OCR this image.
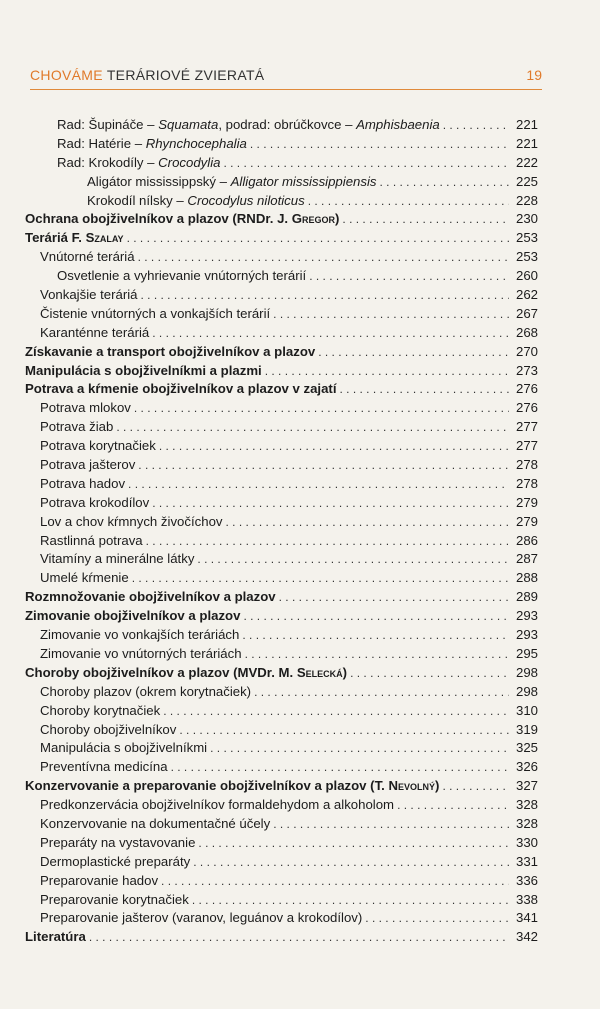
CHOVÁME TERÁRIOVÉ ZVIERATÁ	19
Rad: Šupináče – Squamata, podrad: obrúčkovce – Amphisbaenia . . .	221
Rad: Hatérie – Rhynchocephalia . . .	221
Rad: Krokodíly – Crocodylia . . .	222
Aligátor mississippský – Alligator mississippiensis . . .	225
Krokodíl nílsky – Crocodylus niloticus . . .	228
Ochrana obojživelníkov a plazov (RNDr. J. Gregor) . . .	230
Teráriá F. Szalay . . .	253
Vnútorné teráriá . . .	253
Osvetlenie a vyhrievanie vnútorných terárií . . .	260
Vonkajšie teráriá . . .	262
Čistenie vnútorných a vonkajších terárií . . .	267
Karanténne teráriá . . .	268
Získavanie a transport obojživelníkov a plazov . . .	270
Manipulácia s obojživelníkmi a plazmi . . .	273
Potrava a kŕmenie obojživelníkov a plazov v zajatí . . .	276
Potrava mlokov . . .	276
Potrava žiab . . .	277
Potrava korytnačiek . . .	277
Potrava jašterov . . .	278
Potrava hadov . . .	278
Potrava krokodílov . . .	279
Lov a chov kŕmnych živočíchov . . .	279
Rastlinná potrava . . .	286
Vitamíny a minerálne látky . . .	287
Umelé kŕmenie . . .	288
Rozmnožovanie obojživelníkov a plazov . . .	289
Zimovanie obojživelníkov a plazov . . .	293
Zimovanie vo vonkajších teráriách . . .	293
Zimovanie vo vnútorných teráriách . . .	295
Choroby obojživelníkov a plazov (MVDr. M. Selecká) . . .	298
Choroby plazov (okrem korytnačiek) . . .	298
Choroby korytnačiek . . .	310
Choroby obojživelníkov . . .	319
Manipulácia s obojživelníkmi . . .	325
Preventívna medicína . . .	326
Konzervovanie a preparovanie obojživelníkov a plazov (T. Nevolný) . . .	327
Predkonzervácia obojživelníkov formaldehydom a alkoholom . . .	328
Konzervovanie na dokumentačné účely . . .	328
Preparáty na vystavovanie . . .	330
Dermoplastické preparáty . . .	331
Preparovanie hadov . . .	336
Preparovanie korytnačiek . . .	338
Preparovanie jašterov (varanov, leguánov a krokodílov) . . .	341
Literatúra . . .	342
